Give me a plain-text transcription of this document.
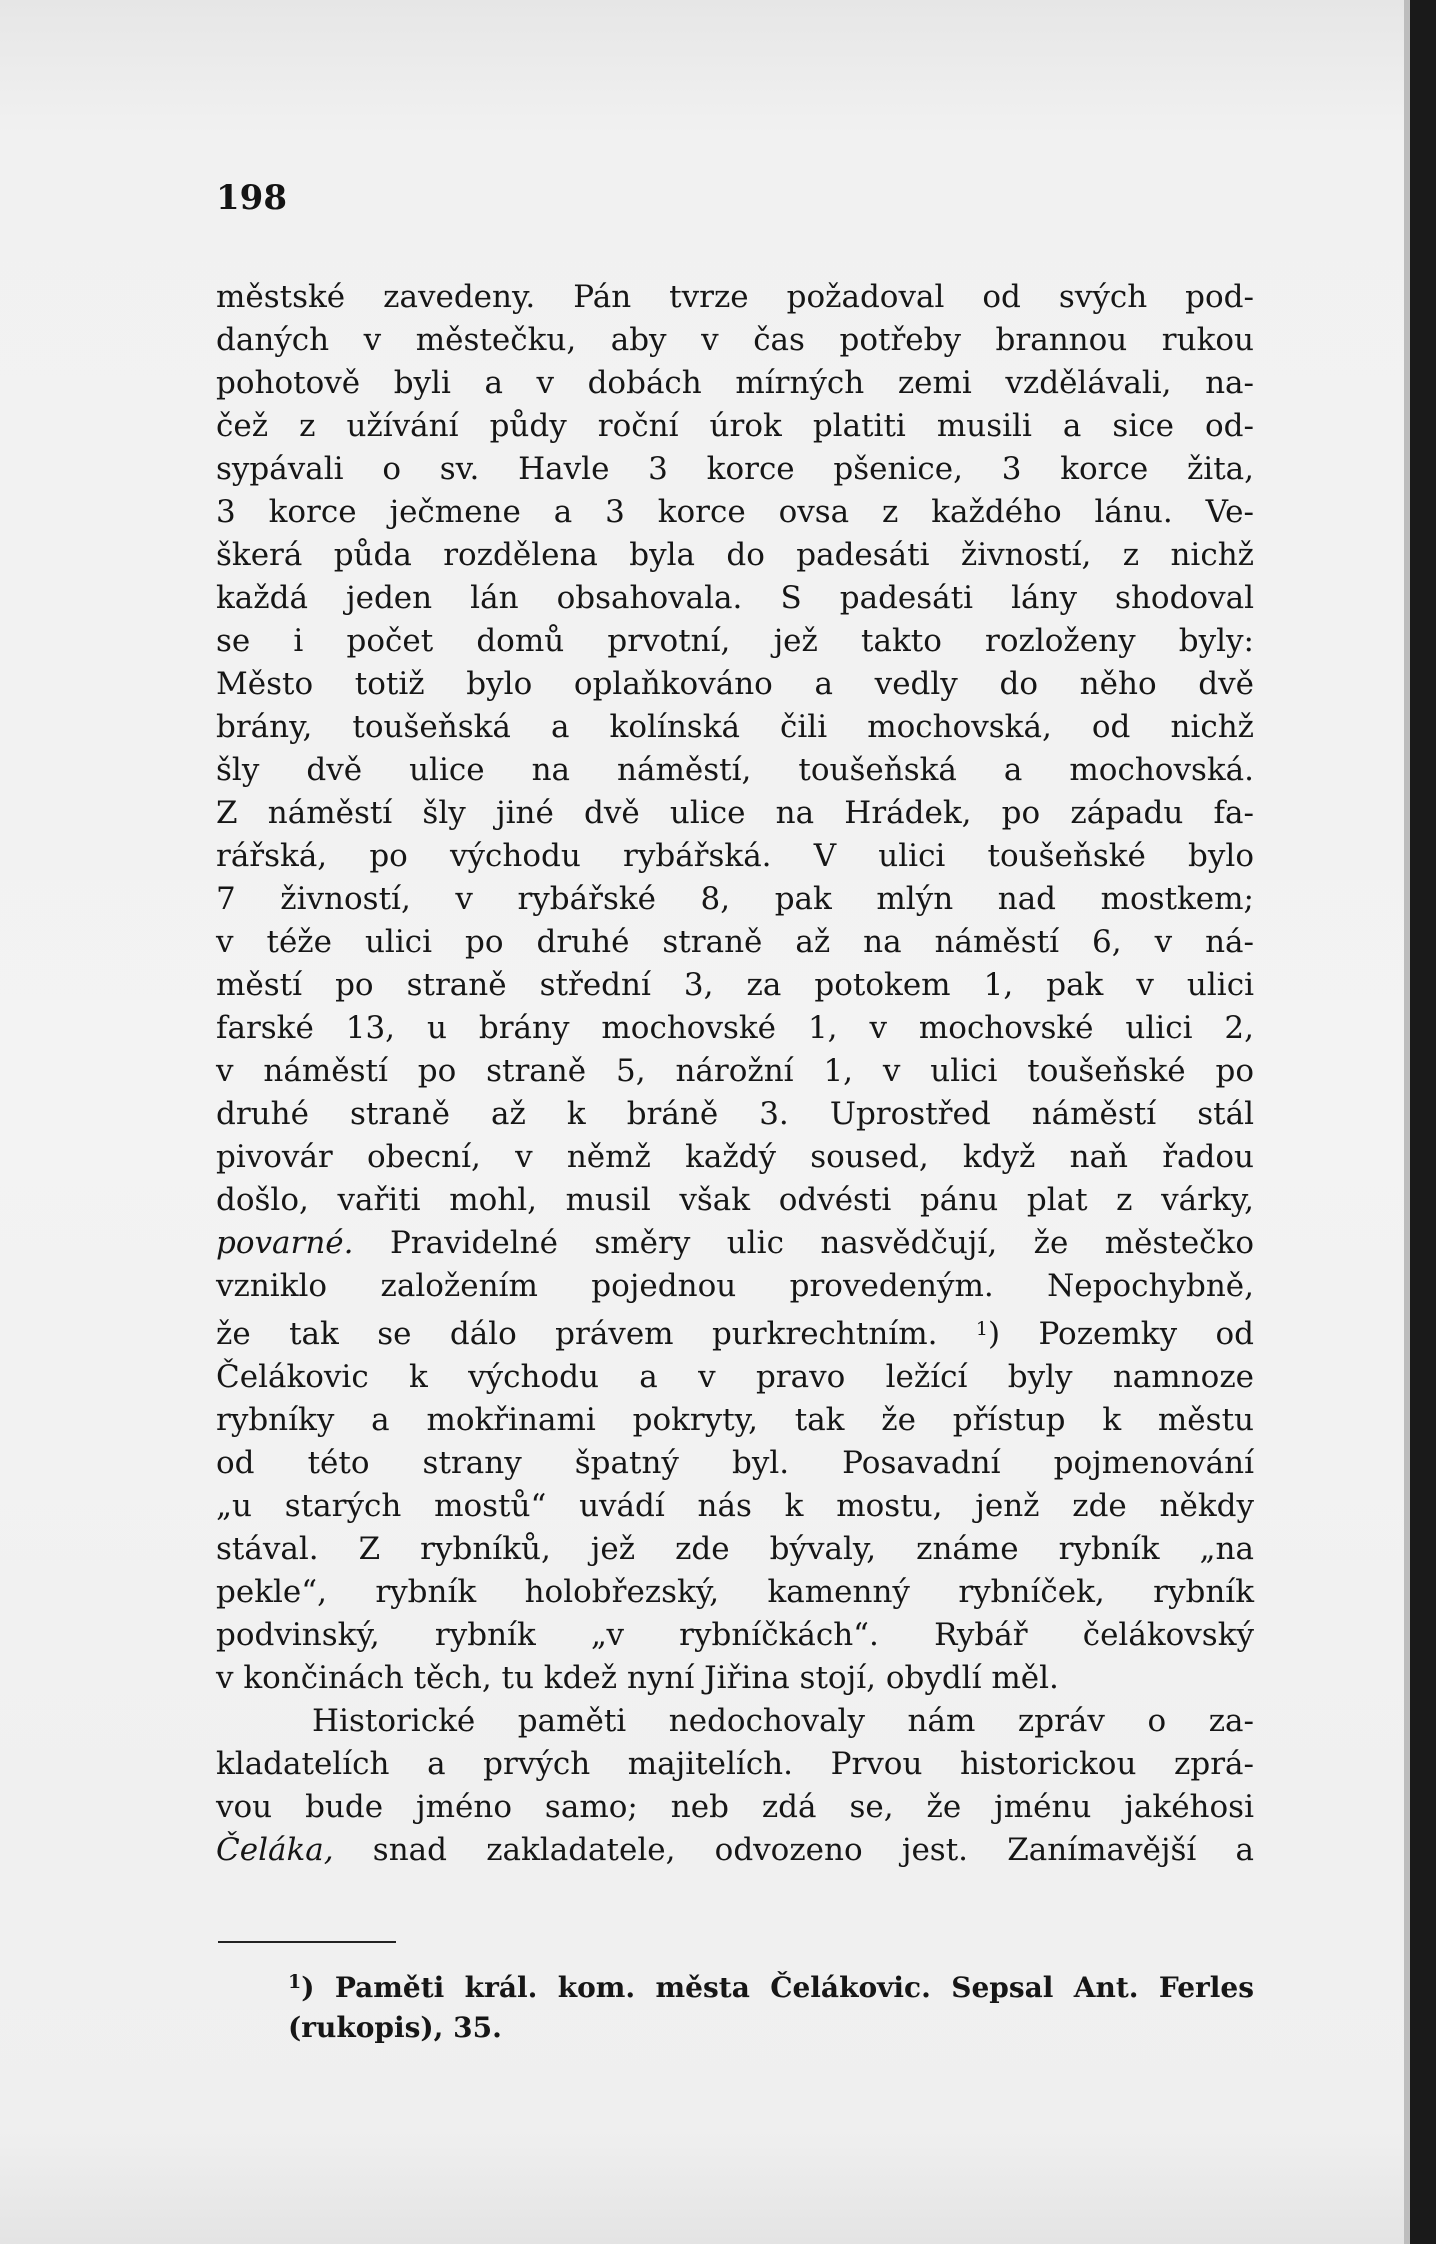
198
městské zavedeny. Pán tvrze požadoval od svých pod-
daných v městečku, aby v čas potřeby brannou rukou
pohotově byli a v dobách mírných zemi vzdělávali, na-
čež z užívání půdy roční úrok platiti musili a sice od-
sypávali o sv. Havle 3 korce pšenice, 3 korce žita,
3 korce ječmene a 3 korce ovsa z každého lánu. Ve-
škerá půda rozdělena byla do padesáti živností, z nichž
každá jeden lán obsahovala. S padesáti lány shodoval
se i počet domů prvotní, jež takto rozloženy byly:
Město totiž bylo oplaňkováno a vedly do něho dvě
brány, toušeňská a kolínská čili mochovská, od nichž
šly dvě ulice na náměstí, toušeňská a mochovská.
Z náměstí šly jiné dvě ulice na Hrádek, po západu fa-
rářská, po východu rybářská. V ulici toušeňské bylo
7 živností, v rybářské 8, pak mlýn nad mostkem;
v téže ulici po druhé straně až na náměstí 6, v ná-
městí po straně střední 3, za potokem 1, pak v ulici
farské 13, u brány mochovské 1, v mochovské ulici 2,
v náměstí po straně 5, nárožní 1, v ulici toušeňské po
druhé straně až k bráně 3. Uprostřed náměstí stál
pivovár obecní, v němž každý soused, když naň řadou
došlo, vařiti mohl, musil však odvésti pánu plat z várky,
povarné. Pravidelné směry ulic nasvědčují, že městečko
vzniklo založením pojednou provedeným. Nepochybně,
že tak se dálo právem purkrechtním. $^1$) Pozemky od
Čelákovic k východu a v pravo ležící byly namnoze
rybníky a mokřinami pokryty, tak že přístup k městu
od této strany špatný byl. Posavadní pojmenování
„u starých mostů“ uvádí nás k mostu, jenž zde někdy
stával. Z rybníků, jež zde bývaly, známe rybník „na
pekle“, rybník holobřezský, kamenný rybníček, rybník
podvinský, rybník „v rybníčkách“. Rybář čelákovský
v končinách těch, tu kdež nyní Jiřina stojí, obydlí měl.
Historické paměti nedochovaly nám zpráv o za-
kladatelích a prvých majitelích. Prvou historickou zprá-
vou bude jméno samo; neb zdá se, že jménu jakéhosi
Čeláka, snad zakladatele, odvozeno jest. Zanímavější a
$^1$) Paměti král. kom. města Čelákovic. Sepsal Ant. Ferles
(rukopis), 35.
